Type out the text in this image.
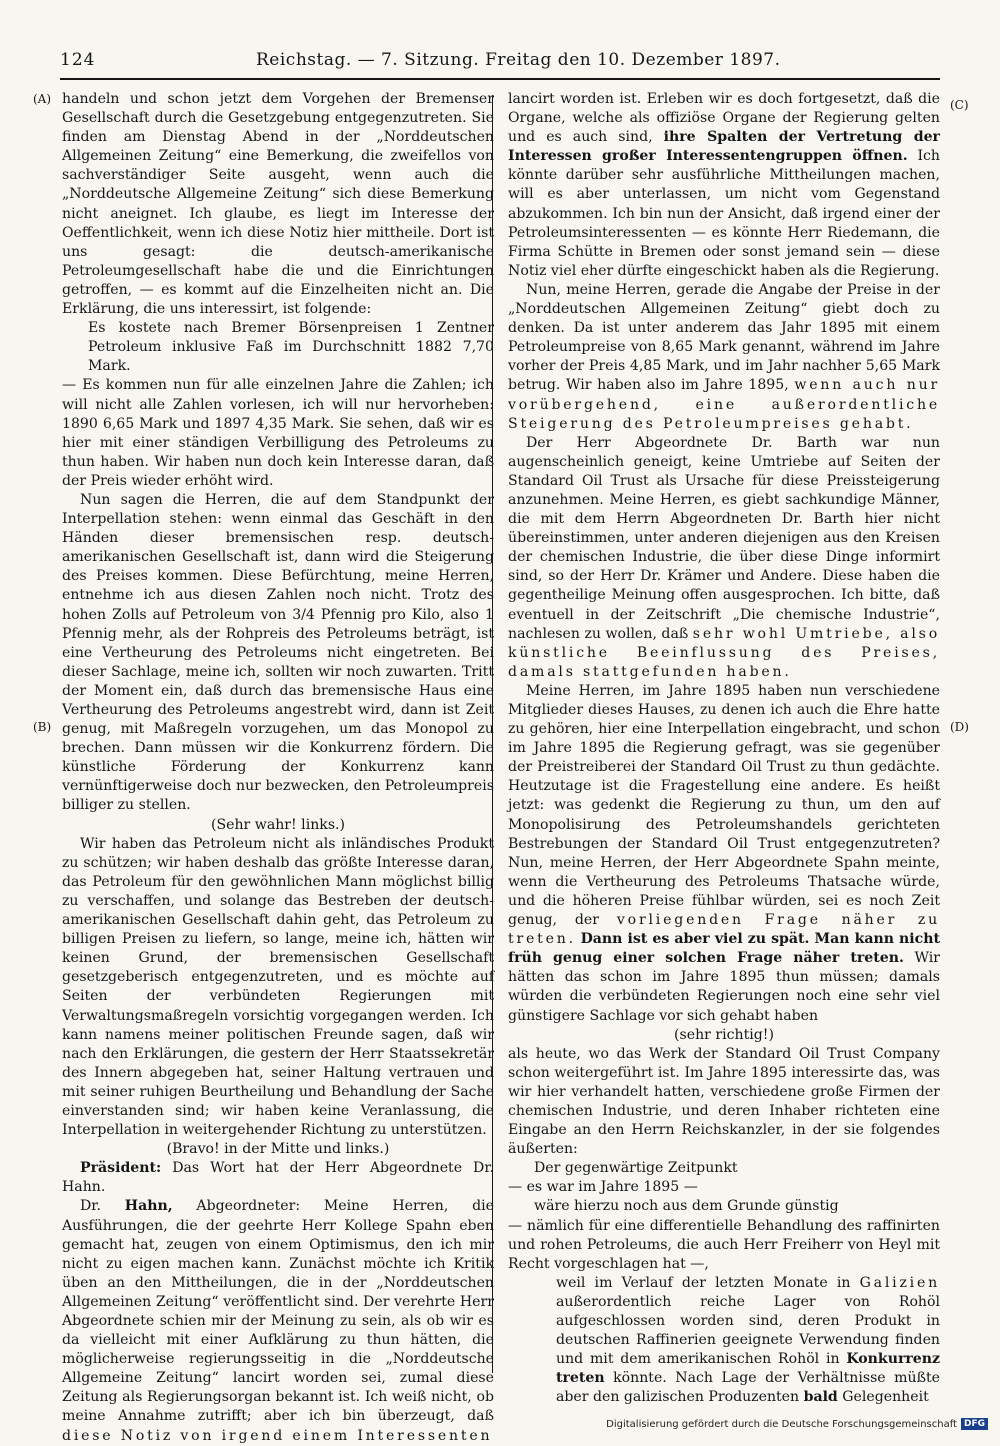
124	Reichstag. — 7. Sitzung. Freitag den 10. Dezember 1897.
(A)
(B)
(C)
(D)

handeln und schon jetzt dem Vorgehen der Bremenser Gesellschaft durch die Gesetzgebung entgegenzutreten. Sie finden am Dienstag Abend in der „Norddeutschen Allgemeinen Zeitung“ eine Bemerkung, die zweifellos von sachverständiger Seite ausgeht, wenn auch die „Norddeutsche Allgemeine Zeitung“ sich diese Bemerkung nicht aneignet. Ich glaube, es liegt im Interesse der Oeffentlichkeit, wenn ich diese Notiz hier mittheile. Dort ist uns gesagt: die deutsch-amerikanische Petroleumgesellschaft habe die und die Einrichtungen getroffen, — es kommt auf die Einzelheiten nicht an. Die Erklärung, die uns interessirt, ist folgende:

Es kostete nach Bremer Börsenpreisen 1 Zentner Petroleum inklusive Faß im Durchschnitt 1882 7,70 Mark.

— Es kommen nun für alle einzelnen Jahre die Zahlen; ich will nicht alle Zahlen vorlesen, ich will nur hervorheben: 1890 6,65 Mark und 1897 4,35 Mark. Sie sehen, daß wir es hier mit einer ständigen Verbilligung des Petroleums zu thun haben. Wir haben nun doch kein Interesse daran, daß der Preis wieder erhöht wird.

Nun sagen die Herren, die auf dem Standpunkt der Interpellation stehen: wenn einmal das Geschäft in den Händen dieser bremensischen resp. deutsch-amerikanischen Gesellschaft ist, dann wird die Steigerung des Preises kommen. Diese Befürchtung, meine Herren, entnehme ich aus diesen Zahlen noch nicht. Trotz des hohen Zolls auf Petroleum von 3/4 Pfennig pro Kilo, also 1 Pfennig mehr, als der Rohpreis des Petroleums beträgt, ist eine Vertheurung des Petroleums nicht eingetreten. Bei dieser Sachlage, meine ich, sollten wir noch zuwarten. Tritt der Moment ein, daß durch das bremensische Haus eine Vertheurung des Petroleums angestrebt wird, dann ist Zeit genug, mit Maßregeln vorzugehen, um das Monopol zu brechen. Dann müssen wir die Konkurrenz fördern. Die künstliche Förderung der Konkurrenz kann vernünftigerweise doch nur bezwecken, den Petroleumpreis billiger zu stellen.

(Sehr wahr! links.)

Wir haben das Petroleum nicht als inländisches Produkt zu schützen; wir haben deshalb das größte Interesse daran, das Petroleum für den gewöhnlichen Mann möglichst billig zu verschaffen, und solange das Bestreben der deutsch-amerikanischen Gesellschaft dahin geht, das Petroleum zu billigen Preisen zu liefern, so lange, meine ich, hätten wir keinen Grund, der bremensischen Gesellschaft gesetzgeberisch entgegenzutreten, und es möchte auf Seiten der verbündeten Regierungen mit Verwaltungsmaßregeln vorsichtig vorgegangen werden. Ich kann namens meiner politischen Freunde sagen, daß wir nach den Erklärungen, die gestern der Herr Staatssekretär des Innern abgegeben hat, seiner Haltung vertrauen und mit seiner ruhigen Beurtheilung und Behandlung der Sache einverstanden sind; wir haben keine Veranlassung, die Interpellation in weitergehender Richtung zu unterstützen.

(Bravo! in der Mitte und links.)

Präsident: Das Wort hat der Herr Abgeordnete Dr. Hahn.

Dr. Hahn, Abgeordneter: Meine Herren, die Ausführungen, die der geehrte Herr Kollege Spahn eben gemacht hat, zeugen von einem Optimismus, den ich mir nicht zu eigen machen kann. Zunächst möchte ich Kritik üben an den Mittheilungen, die in der „Norddeutschen Allgemeinen Zeitung“ veröffentlicht sind. Der verehrte Herr Abgeordnete schien mir der Meinung zu sein, als ob wir es da vielleicht mit einer Aufklärung zu thun hätten, die möglicherweise regierungsseitig in die „Norddeutsche Allgemeine Zeitung“ lancirt worden sei, zumal diese Zeitung als Regierungsorgan bekannt ist. Ich weiß nicht, ob meine Annahme zutrifft; aber ich bin überzeugt, daß diese Notiz von irgend einem Interessenten

lancirt worden ist. Erleben wir es doch fortgesetzt, daß die Organe, welche als offiziöse Organe der Regierung gelten und es auch sind, ihre Spalten der Vertretung der Interessen großer Interessentengruppen öffnen. Ich könnte darüber sehr ausführliche Mittheilungen machen, will es aber unterlassen, um nicht vom Gegenstand abzukommen. Ich bin nun der Ansicht, daß irgend einer der Petroleumsinteressenten — es könnte Herr Riedemann, die Firma Schütte in Bremen oder sonst jemand sein — diese Notiz viel eher dürfte eingeschickt haben als die Regierung.

Nun, meine Herren, gerade die Angabe der Preise in der „Norddeutschen Allgemeinen Zeitung“ giebt doch zu denken. Da ist unter anderem das Jahr 1895 mit einem Petroleumpreise von 8,65 Mark genannt, während im Jahre vorher der Preis 4,85 Mark, und im Jahr nachher 5,65 Mark betrug. Wir haben also im Jahre 1895, wenn auch nur vorübergehend, eine außerordentliche Steigerung des Petroleumpreises gehabt.

Der Herr Abgeordnete Dr. Barth war nun augenscheinlich geneigt, keine Umtriebe auf Seiten der Standard Oil Trust als Ursache für diese Preissteigerung anzunehmen. Meine Herren, es giebt sachkundige Männer, die mit dem Herrn Abgeordneten Dr. Barth hier nicht übereinstimmen, unter anderen diejenigen aus den Kreisen der chemischen Industrie, die über diese Dinge informirt sind, so der Herr Dr. Krämer und Andere. Diese haben die gegentheilige Meinung offen ausgesprochen. Ich bitte, daß eventuell in der Zeitschrift „Die chemische Industrie“, nachlesen zu wollen, daß sehr wohl Umtriebe, also künstliche Beeinflussung des Preises, damals stattgefunden haben.

Meine Herren, im Jahre 1895 haben nun verschiedene Mitglieder dieses Hauses, zu denen ich auch die Ehre hatte zu gehören, hier eine Interpellation eingebracht, und schon im Jahre 1895 die Regierung gefragt, was sie gegenüber der Preistreiberei der Standard Oil Trust zu thun gedächte. Heutzutage ist die Fragestellung eine andere. Es heißt jetzt: was gedenkt die Regierung zu thun, um den auf Monopolisirung des Petroleumshandels gerichteten Bestrebungen der Standard Oil Trust entgegenzutreten? Nun, meine Herren, der Herr Abgeordnete Spahn meinte, wenn die Vertheurung des Petroleums Thatsache würde, und die höheren Preise fühlbar würden, sei es noch Zeit genug, der vorliegenden Frage näher zu treten. Dann ist es aber viel zu spät. Man kann nicht früh genug einer solchen Frage näher treten. Wir hätten das schon im Jahre 1895 thun müssen; damals würden die verbündeten Regierungen noch eine sehr viel günstigere Sachlage vor sich gehabt haben

(sehr richtig!)

als heute, wo das Werk der Standard Oil Trust Company schon weitergeführt ist. Im Jahre 1895 interessirte das, was wir hier verhandelt hatten, verschiedene große Firmen der chemischen Industrie, und deren Inhaber richteten eine Eingabe an den Herrn Reichskanzler, in der sie folgendes äußerten:

Der gegenwärtige Zeitpunkt

— es war im Jahre 1895 —

wäre hierzu noch aus dem Grunde günstig

— nämlich für eine differentielle Behandlung des raffinirten und rohen Petroleums, die auch Herr Freiherr von Heyl mit Recht vorgeschlagen hat —,

weil im Verlauf der letzten Monate in Galizien außerordentlich reiche Lager von Rohöl aufgeschlossen worden sind, deren Produkt in deutschen Raffinerien geeignete Verwendung finden und mit dem amerikanischen Rohöl in Konkurrenz treten könnte. Nach Lage der Verhältnisse müßte aber den galizischen Produzenten bald Gelegenheit

Digitalisierung gefördert durch die Deutsche Forschungsgemeinschaft DFG
